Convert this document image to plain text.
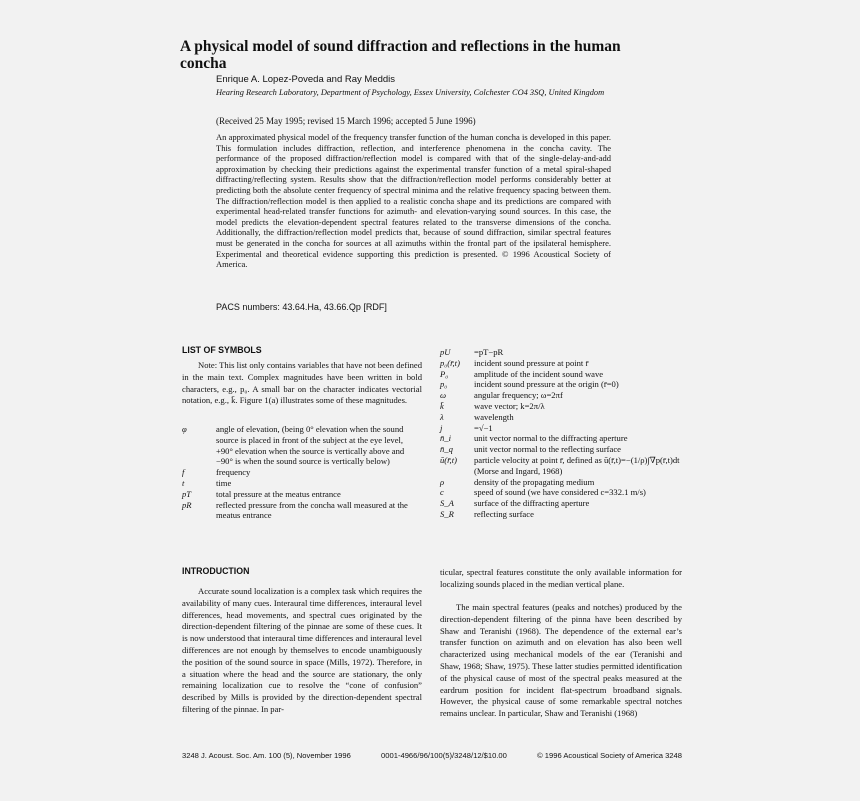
A physical model of sound diffraction and reflections in the human concha
Enrique A. Lopez-Poveda and Ray Meddis
Hearing Research Laboratory, Department of Psychology, Essex University, Colchester CO4 3SQ, United Kingdom
(Received 25 May 1995; revised 15 March 1996; accepted 5 June 1996)
An approximated physical model of the frequency transfer function of the human concha is developed in this paper. This formulation includes diffraction, reflection, and interference phenomena in the concha cavity. The performance of the proposed diffraction/reflection model is compared with that of the single-delay-and-add approximation by checking their predictions against the experimental transfer function of a metal spiral-shaped diffracting/reflecting system. Results show that the diffraction/reflection model performs considerably better at predicting both the absolute center frequency of spectral minima and the relative frequency spacing between them. The diffraction/reflection model is then applied to a realistic concha shape and its predictions are compared with experimental head-related transfer functions for azimuth- and elevation-varying sound sources. In this case, the model predicts the elevation-dependent spectral features related to the transverse dimensions of the concha. Additionally, the diffraction/reflection model predicts that, because of sound diffraction, similar spectral features must be generated in the concha for sources at all azimuths within the frontal part of the ipsilateral hemisphere. Experimental and theoretical evidence supporting this prediction is presented. © 1996 Acoustical Society of America.
PACS numbers: 43.64.Ha, 43.66.Qp [RDF]
LIST OF SYMBOLS
Note: This list only contains variables that have not been defined in the main text. Complex magnitudes have been written in bold characters, e.g., p₀. A small bar on the character indicates vectorial notation, e.g., k̄. Figure 1(a) illustrates some of these magnitudes.
φ	angle of elevation, (being 0° elevation when the sound source is placed in front of the subject at the eye level, +90° elevation when the source is vertically above and −90° is when the sound source is vertically below)
f	frequency
t	time
pT	total pressure at the meatus entrance
pR	reflected pressure from the concha wall measured at the meatus entrance
pU	=pT−pR
p₀(r̄,t)	incident sound pressure at point r̄
P₀	amplitude of the incident sound wave
p₀	incident sound pressure at the origin (r̄=0)
ω	angular frequency; ω=2πf
k̄	wave vector; k=2π/λ
λ	wavelength
j	=√−1
n̄_i	unit vector normal to the diffracting aperture
n̄_q	unit vector normal to the reflecting surface
ū(r̄,t)	particle velocity at point r̄, defined as ū(r̄,t)=−(1/ρ)∫∇p(r̄,t)dt (Morse and Ingard, 1968)
ρ	density of the propagating medium
c	speed of sound (we have considered c=332.1 m/s)
S_A	surface of the diffracting aperture
S_R	reflecting surface
INTRODUCTION
Accurate sound localization is a complex task which requires the availability of many cues. Interaural time differences, interaural level differences, head movements, and spectral cues originated by the direction-dependent filtering of the pinnae are some of these cues. It is now understood that interaural time differences and interaural level differences are not enough by themselves to encode unambiguously the position of the sound source in space (Mills, 1972). Therefore, in a situation where the head and the source are stationary, the only remaining localization cue to resolve the “cone of confusion” described by Mills is provided by the direction-dependent spectral filtering of the pinnae. In par-
ticular, spectral features constitute the only available information for localizing sounds placed in the median vertical plane.
The main spectral features (peaks and notches) produced by the direction-dependent filtering of the pinna have been described by Shaw and Teranishi (1968). The dependence of the external ear’s transfer function on azimuth and on elevation has also been well characterized using mechanical models of the ear (Teranishi and Shaw, 1968; Shaw, 1975). These latter studies permitted identification of the physical cause of most of the spectral peaks measured at the eardrum position for incident flat-spectrum broadband signals. However, the physical cause of some remarkable spectral notches remains unclear. In particular, Shaw and Teranishi (1968)
3248 J. Acoust. Soc. Am. 100 (5), November 1996	0001-4966/96/100(5)/3248/12/$10.00	© 1996 Acoustical Society of America 3248
